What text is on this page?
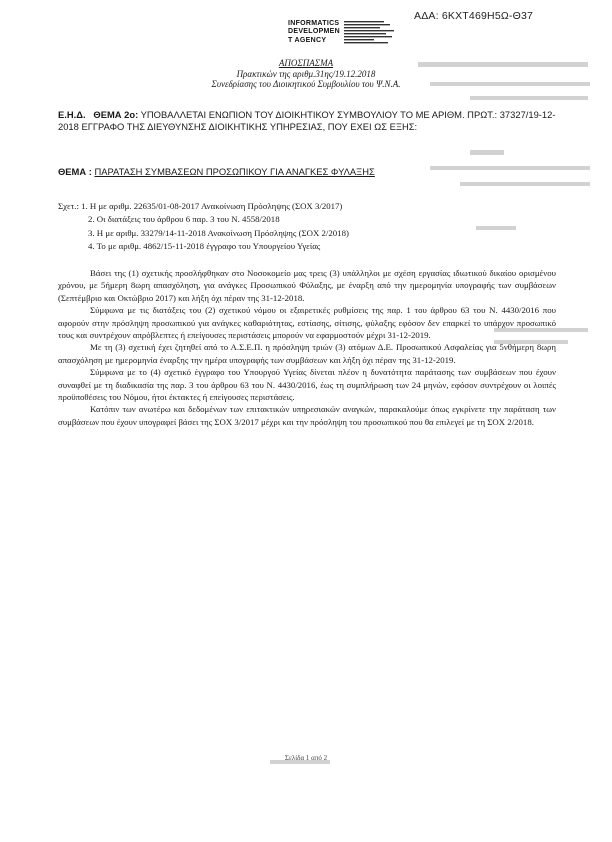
ΑΔΑ: 6ΚΧΤ469Η5Ω-Θ37
INFORMATICS
DEVELOPMEN
T AGENCY
ΑΠΟΣΠΑΣΜΑ
Πρακτικών της αριθμ.31ης/19.12.2018
Συνεδρίασης του Διοικητικού Συμβουλίου του Ψ.Ν.Α.
Ε.Η.Δ. ΘΕΜΑ 2ο: ΥΠΟΒΑΛΛΕΤΑΙ ΕΝΩΠΙΟΝ ΤΟΥ ΔΙΟΙΚΗΤΙΚΟΥ ΣΥΜΒΟΥΛΙΟΥ ΤΟ ΜΕ ΑΡΙΘΜ. ΠΡΩΤ.: 37327/19-12-2018 ΕΓΓΡΑΦΟ ΤΗΣ ΔΙΕΥΘΥΝΣΗΣ ΔΙΟΙΚΗΤΙΚΗΣ ΥΠΗΡΕΣΙΑΣ, ΠΟΥ ΕΧΕΙ ΩΣ ΕΞΗΣ:
ΘΕΜΑ : ΠΑΡΑΤΑΣΗ ΣΥΜΒΑΣΕΩΝ ΠΡΟΣΩΠΙΚΟΥ ΓΙΑ ΑΝΑΓΚΕΣ ΦΥΛΑΞΗΣ
Σχετ.: 1. Η με αριθμ. 22635/01-08-2017 Ανακοίνωση Πρόσληψης (ΣΟΧ 3/2017)
2. Οι διατάξεις του άρθρου 6 παρ. 3 του Ν. 4558/2018
3. Η με αριθμ. 33279/14-11-2018 Ανακοίνωση Πρόσληψης (ΣΟΧ 2/2018)
4. Το με αριθμ. 4862/15-11-2018 έγγραφο του Υπουργείου Υγείας

Βάσει της (1) σχετικής προσλήφθηκαν στο Νοσοκομείο μας τρεις (3) υπάλληλοι με σχέση εργασίας ιδιωτικού δικαίου ορισμένου χρόνου, με 5ήμερη 8ωρη απασχόληση, για ανάγκες Προσωπικού Φύλαξης, με έναρξη από την ημερομηνία υπογραφής των συμβάσεων (Σεπτέμβριο και Οκτώβριο 2017) και λήξη όχι πέραν της 31-12-2018.

Σύμφωνα με τις διατάξεις του (2) σχετικού νόμου οι εξαιρετικές ρυθμίσεις της παρ. 1 του άρθρου 63 του Ν. 4430/2016 που αφορούν στην πρόσληψη προσωπικού για ανάγκες καθαριότητας, εστίασης, σίτισης, φύλαξης εφόσον δεν επαρκεί το υπάρχον προσωπικό τους και συντρέχουν απρόβλεπτες ή επείγουσες περιστάσεις μπορούν να εφαρμοστούν μέχρι 31-12-2019.

Με τη (3) σχετική έχει ζητηθεί από το Α.Σ.Ε.Π. η πρόσληψη τριών (3) ατόμων Δ.Ε. Προσωπικού Ασφαλείας για 5νθήμερη 8ωρη απασχόληση με ημερομηνία έναρξης την ημέρα υπογραφής των συμβάσεων και λήξη όχι πέραν της 31-12-2019.

Σύμφωνα με το (4) σχετικό έγγραφο του Υπουργού Υγείας δίνεται πλέον η δυνατότητα παράτασης των συμβάσεων που έχουν συναφθεί με τη διαδικασία της παρ. 3 του άρθρου 63 του Ν. 4430/2016, έως τη συμπλήρωση των 24 μηνών, εφόσον συντρέχουν οι λοιπές προϋποθέσεις του Νόμου, ήτοι έκτακτες ή επείγουσες περιστάσεις.

Κατόπιν των ανωτέρω και δεδομένων των επιτακτικών υπηρεσιακών αναγκών, παρακαλούμε όπως εγκρίνετε την παράταση των συμβάσεων που έχουν υπογραφεί βάσει της ΣΟΧ 3/2017 μέχρι και την πρόσληψη του προσωπικού που θα επιλεγεί με τη ΣΟΧ 2/2018.

Σελίδα 1 από 2
